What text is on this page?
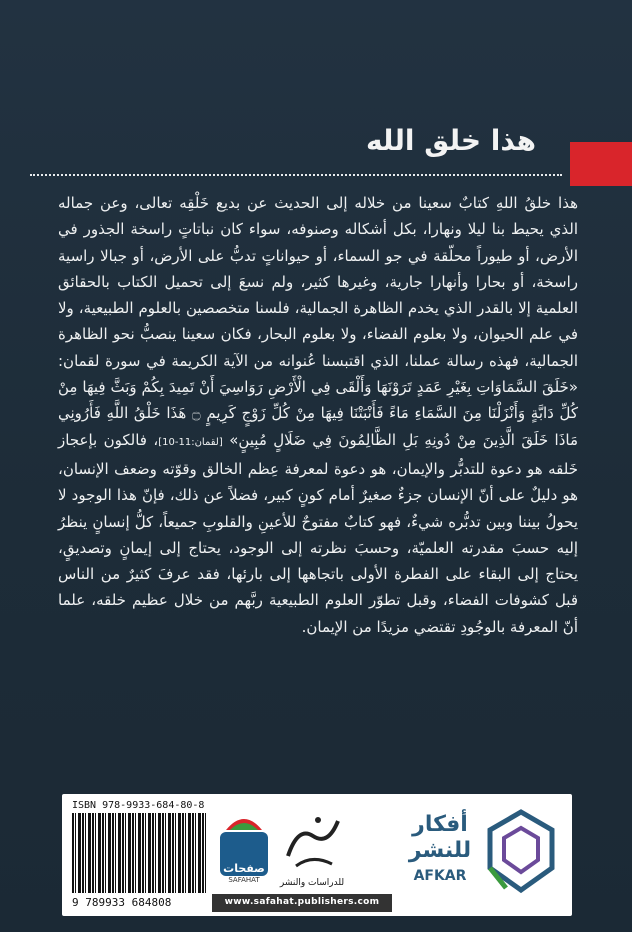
هذا خلق الله

هذا خلقُ اللهِ كتابٌ سعينا من خلاله إلى الحديث عن بديع خَلْقِه تعالى، وعن جماله الذي يحيط بنا ليلا ونهارا، بكل أشكاله وصنوفه، سواء كان نباتاتٍ راسخة الجذور في الأرض، أو طيوراً محلّقة في جو السماء، أو حيواناتٍ تدبُّ على الأرض، أو جبالا راسية راسخة، أو بحارا وأنهارا جارية، وغيرها كثير، ولم نسعَ إلى تحميل الكتاب بالحقائق العلمية إلا بالقدر الذي يخدم الظاهرة الجمالية، فلسنا متخصصين بالعلوم الطبيعية، ولا في علم الحيوان، ولا بعلوم الفضاء، ولا بعلوم البحار، فكان سعينا ينصبُّ نحو الظاهرة الجمالية، فهذه رسالة عملنا، الذي اقتبسنا عُنوانه من الآية الكريمة في سورة لقمان: «خَلَقَ السَّمَاوَاتِ بِغَيْرِ عَمَدٍ تَرَوْنَهَا وَأَلْقَى فِي الْأَرْضِ رَوَاسِيَ أَنْ تَمِيدَ بِكُمْ وَبَثَّ فِيهَا مِنْ كُلِّ دَابَّةٍ وَأَنْزَلْنَا مِنَ السَّمَاءِ مَاءً فَأَنْبَتْنَا فِيهَا مِنْ كُلِّ زَوْجٍ كَرِيمٍ ۝ هَذَا خَلْقُ اللَّهِ فَأَرُونِي مَاذَا خَلَقَ الَّذِينَ مِنْ دُونِهِ بَلِ الظَّالِمُونَ فِي ضَلَالٍ مُبِينٍ» [لقمان:11-10]، فالكون بإعجاز خَلقه هو دعوة للتدبُّر والإيمان، هو دعوة لمعرفة عِظم الخالق وقوّته وضعف الإنسان، هو دليلٌ على أنّ الإنسان جزءٌ صغيرٌ أمام كونٍ كبير، فضلاً عن ذلك، فإنّ هذا الوجود لا يحولُ بيننا وبين تدبُّره شيءٌ، فهو كتابٌ مفتوحٌ للأعينِ والقلوبِ جميعاً، كلُّ إنسانٍ ينظرُ إليه حسبَ مقدرته العلميّة، وحسبَ نظرته إلى الوجود، يحتاج إلى إيمانٍ وتصديقٍ، يحتاج إلى البقاء على الفطرة الأولى باتجاهها إلى بارئها، فقد عرفَ كثيرٌ من الناس قبل كشوفات الفضاء، وقبل تطوّر العلوم الطبيعية ربَّهم من خلال عظيم خلقه، علما أنّ المعرفة بالوجُودِ تقتضي مزيدًا من الإيمان.

ISBN 978-9933-684-80-8
9 789933 684808
صفحات
SAFAHAT	للدراسات والنشر
www.safahat.publishers.com
أفكار
للنشر
AFKAR
